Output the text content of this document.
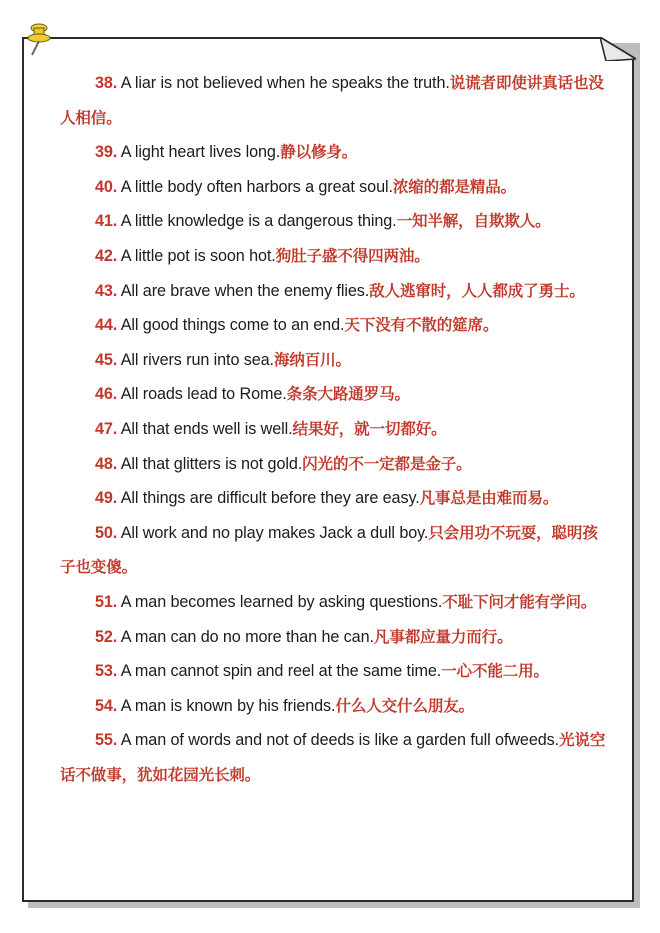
38. A liar is not believed when he speaks the truth.说谎者即使讲真话也没人相信。

39. A light heart lives long.静以修身。

40. A little body often harbors a great soul.浓缩的都是精品。

41. A little knowledge is a dangerous thing.一知半解，自欺欺人。

42. A little pot is soon hot.狗肚子盛不得四两油。

43. All are brave when the enemy flies.敌人逃窜时，人人都成了勇士。

44. All good things come to an end.天下没有不散的筵席。

45. All rivers run into sea.海纳百川。

46. All roads lead to Rome.条条大路通罗马。

47. All that ends well is well.结果好，就一切都好。

48. All that glitters is not gold.闪光的不一定都是金子。

49. All things are difficult before they are easy.凡事总是由难而易。

50. All work and no play makes Jack a dull boy.只会用功不玩耍，聪明孩子也变傻。

51. A man becomes learned by asking questions.不耻下问才能有学问。

52. A man can do no more than he can.凡事都应量力而行。

53. A man cannot spin and reel at the same time.一心不能二用。

54. A man is known by his friends.什么人交什么朋友。

55. A man of words and not of deeds is like a garden full ofweeds.光说空话不做事，犹如花园光长刺。
